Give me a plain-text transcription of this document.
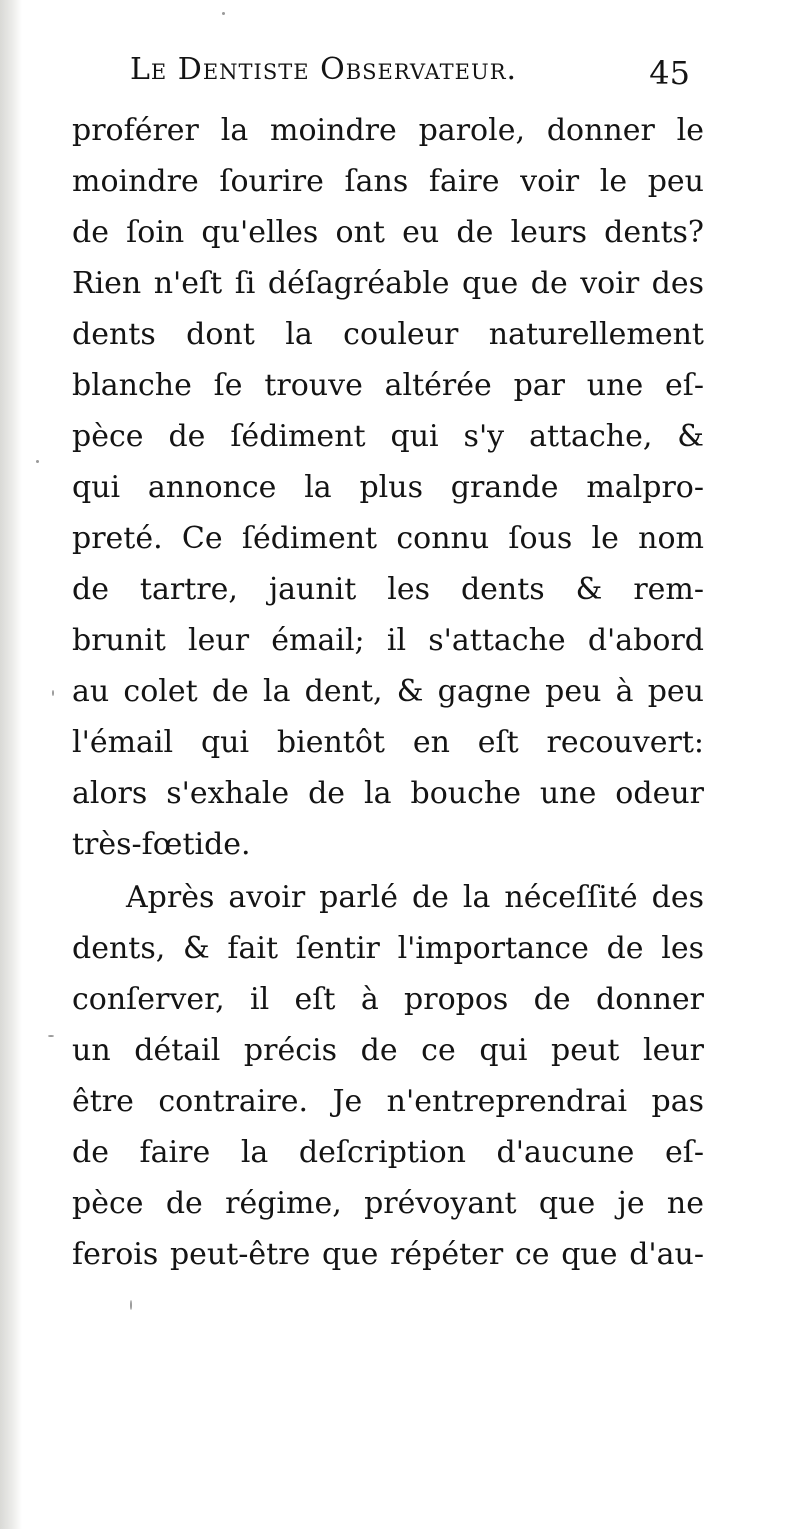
Le Dentiste Observateur.	45
proférer la moindre parole, donner le
moindre ſourire ſans faire voir le peu
de ſoin qu'elles ont eu de leurs dents?
Rien n'eſt ſi déſagréable que de voir des
dents dont la couleur naturellement
blanche ſe trouve altérée par une eſ-
pèce de ſédiment qui s'y attache, &
qui annonce la plus grande malpro-
preté. Ce ſédiment connu ſous le nom
de tartre, jaunit les dents & rem-
brunit leur émail; il s'attache d'abord
au colet de la dent, & gagne peu à peu
l'émail qui bientôt en eſt recouvert:
alors s'exhale de la bouche une odeur
très-fœtide.
Après avoir parlé de la néceſſité des
dents, & fait ſentir l'importance de les
conſerver, il eſt à propos de donner
un détail précis de ce qui peut leur
être contraire. Je n'entreprendrai pas
de faire la deſcription d'aucune eſ-
pèce de régime, prévoyant que je ne
ferois peut-être que répéter ce que d'au-
